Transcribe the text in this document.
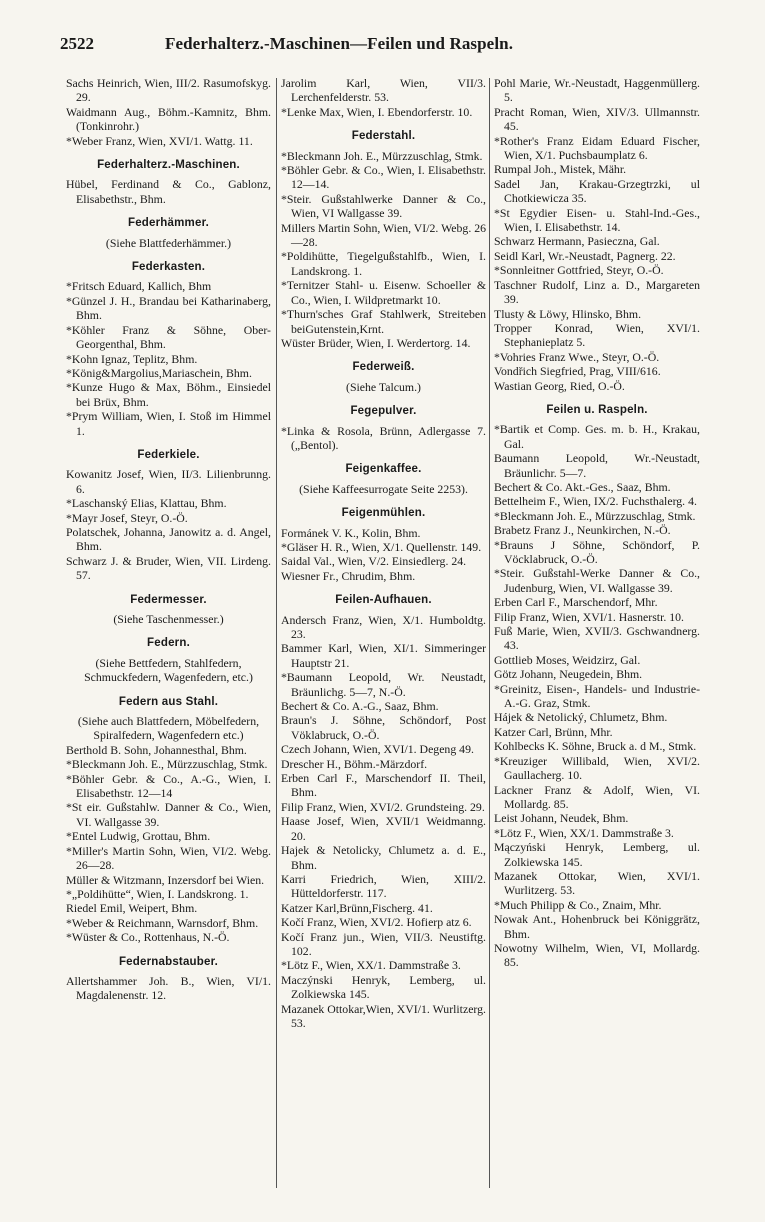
2522	Federhalterz.-Maschinen—Feilen und Raspeln.

Sachs Heinrich, Wien, III/2. Rasumofskyg. 29.

Waidmann Aug., Böhm.-Kamnitz, Bhm. (Tonkinrohr.)

*Weber Franz, Wien, XVI/1. Wattg. 11.

Federhalterz.-Maschinen.

Hübel, Ferdinand & Co., Gablonz, Elisabethstr., Bhm.

Federhämmer.

(Siehe Blattfederhämmer.)

Federkasten.

*Fritsch Eduard, Kallich, Bhm

*Günzel J. H., Brandau bei Katharinaberg, Bhm.

*Köhler Franz & Söhne, Ober-Georgenthal, Bhm.

*Kohn Ignaz, Teplitz, Bhm.

*König&Margolius,Mariaschein, Bhm.

*Kunze Hugo & Max, Böhm., Einsiedel bei Brüx, Bhm.

*Prym William, Wien, I. Stoß im Himmel 1.

Federkiele.

Kowanitz Josef, Wien, II/3. Lilienbrunng. 6.

*Laschanský Elias, Klattau, Bhm.

*Mayr Josef, Steyr, O.-Ö.

Polatschek, Johanna, Janowitz a. d. Angel, Bhm.

Schwarz J. & Bruder, Wien, VII. Lirdeng. 57.

Federmesser.

(Siehe Taschenmesser.)

Federn.

(Siehe Bettfedern, Stahlfedern, Schmuckfedern, Wagenfedern, etc.)

Federn aus Stahl.

(Siehe auch Blattfedern, Möbelfedern, Spiralfedern, Wagenfedern etc.)

Berthold B. Sohn, Johannesthal, Bhm.

*Bleckmann Joh. E., Mürzzuschlag, Stmk.

*Böhler Gebr. & Co., A.-G., Wien, I. Elisabethstr. 12—14

*St eir. Gußstahlw. Danner & Co., Wien, VI. Wallgasse 39.

*Entel Ludwig, Grottau, Bhm.

*Miller's Martin Sohn, Wien, VI/2. Webg. 26—28.

Müller & Witzmann, Inzersdorf bei Wien.

*„Poldihütte“, Wien, I. Landskrong. 1.

Riedel Emil, Weipert, Bhm.

*Weber & Reichmann, Warnsdorf, Bhm.

*Wüster & Co., Rottenhaus, N.-Ö.

Federnabstauber.

Allertshammer Joh. B., Wien, VI/1. Magdalenenstr. 12.

Jarolim Karl, Wien, VII/3. Lerchenfelderstr. 53.

*Lenke Max, Wien, I. Ebendorferstr. 10.

Federstahl.

*Bleckmann Joh. E., Mürzzuschlag, Stmk.

*Böhler Gebr. & Co., Wien, I. Elisabethstr. 12—14.

*Steir. Gußstahlwerke Danner & Co., Wien, VI Wallgasse 39.

Millers Martin Sohn, Wien, VI/2. Webg. 26—28.

*Poldihütte, Tiegelgußstahlfb., Wien, I. Landskrong. 1.

*Ternitzer Stahl- u. Eisenw. Schoeller & Co., Wien, I. Wildpretmarkt 10.

*Thurn'sches Graf Stahlwerk, Streiteben beiGutenstein,Krnt.

Wüster Brüder, Wien, I. Werdertorg. 14.

Federweiß.

(Siehe Talcum.)

Fegepulver.

*Linka & Rosola, Brünn, Adlergasse 7. („Bentol).

Feigenkaffee.

(Siehe Kaffeesurrogate Seite 2253).

Feigenmühlen.

Formánek V. K., Kolin, Bhm.

*Gläser H. R., Wien, X/1. Quellenstr. 149.

Saidal Val., Wien, V/2. Einsiedlerg. 24.

Wiesner Fr., Chrudim, Bhm.

Feilen-Aufhauen.

Andersch Franz, Wien, X/1. Humboldtg. 23.

Bammer Karl, Wien, XI/1. Simmeringer Hauptstr 21.

*Baumann Leopold, Wr. Neustadt, Bräunlichg. 5—7, N.-Ö.

Bechert & Co. A.-G., Saaz, Bhm.

Braun's J. Söhne, Schöndorf, Post Vöklabruck, O.-Ö.

Czech Johann, Wien, XVI/1. Degeng 49.

Drescher H., Böhm.-Märzdorf.

Erben Carl F., Marschendorf II. Theil, Bhm.

Filip Franz, Wien, XVI/2. Grundsteing. 29.

Haase Josef, Wien, XVII/1 Weidmanng. 20.

Hajek & Netolicky, Chlumetz a. d. E., Bhm.

Karri Friedrich, Wien, XIII/2. Hütteldorferstr. 117.

Katzer Karl,Brünn,Fischerg. 41.

Kočí Franz, Wien, XVI/2. Hofierp atz 6.

Kočí Franz jun., Wien, VII/3. Neustiftg. 102.

*Lötz F., Wien, XX/1. Dammstraße 3.

Maczýnski Henryk, Lemberg, ul. Zolkiewska 145.

Mazanek Ottokar,Wien, XVI/1. Wurlitzerg. 53.

Pohl Marie, Wr.-Neustadt, Haggenmüllerg. 5.

Pracht Roman, Wien, XIV/3. Ullmannstr. 45.

*Rother's Franz Eidam Eduard Fischer, Wien, X/1. Puchsbaumplatz 6.

Rumpal Joh., Mistek, Mähr.

Sadel Jan, Krakau-Grzegtrzki, ul Chotkiewicza 35.

*St Egydier Eisen- u. Stahl-Ind.-Ges., Wien, I. Elisabethstr. 14.

Schwarz Hermann, Pasieczna, Gal.

Seidl Karl, Wr.-Neustadt, Pagnerg. 22.

*Sonnleitner Gottfried, Steyr, O.-Ö.

Taschner Rudolf, Linz a. D., Margareten 39.

Tlusty & Löwy, Hlinsko, Bhm.

Tropper Konrad, Wien, XVI/1. Stephanieplatz 5.

*Vohries Franz Wwe., Steyr, O.-Ö.

Vondřich Siegfried, Prag, VIII/616.

Wastian Georg, Ried, O.-Ö.

Feilen u. Raspeln.

*Bartik et Comp. Ges. m. b. H., Krakau, Gal.

Baumann Leopold, Wr.-Neustadt, Bräunlichr. 5—7.

Bechert & Co. Akt.-Ges., Saaz, Bhm.

Bettelheim F., Wien, IX/2. Fuchsthalerg. 4.

*Bleckmann Joh. E., Mürzzuschlag, Stmk.

Brabetz Franz J., Neunkirchen, N.-Ö.

*Brauns J Söhne, Schöndorf, P. Vöcklabruck, O.-Ö.

*Steir. Gußstahl-Werke Danner & Co., Judenburg, Wien, VI. Wallgasse 39.

Erben Carl F., Marschendorf, Mhr.

Filip Franz, Wien, XVI/1. Hasnerstr. 10.

Fuß Marie, Wien, XVII/3. Gschwandnerg. 43.

Gottlieb Moses, Weidzirz, Gal.

Götz Johann, Neugedein, Bhm.

*Greinitz, Eisen-, Handels- und Industrie-A.-G. Graz, Stmk.

Hájek & Netolický, Chlumetz, Bhm.

Katzer Carl, Brünn, Mhr.

Kohlbecks K. Söhne, Bruck a. d M., Stmk.

*Kreuziger Willibald, Wien, XVI/2. Gaullacherg. 10.

Lackner Franz & Adolf, Wien, VI. Mollardg. 85.

Leist Johann, Neudek, Bhm.

*Lötz F., Wien, XX/1. Dammstraße 3.

Mączyński Henryk, Lemberg, ul. Zolkiewska 145.

Mazanek Ottokar, Wien, XVI/1. Wurlitzerg. 53.

*Much Philipp & Co., Znaim, Mhr.

Nowak Ant., Hohenbruck bei Königgrätz, Bhm.

Nowotny Wilhelm, Wien, VI, Mollardg. 85.
